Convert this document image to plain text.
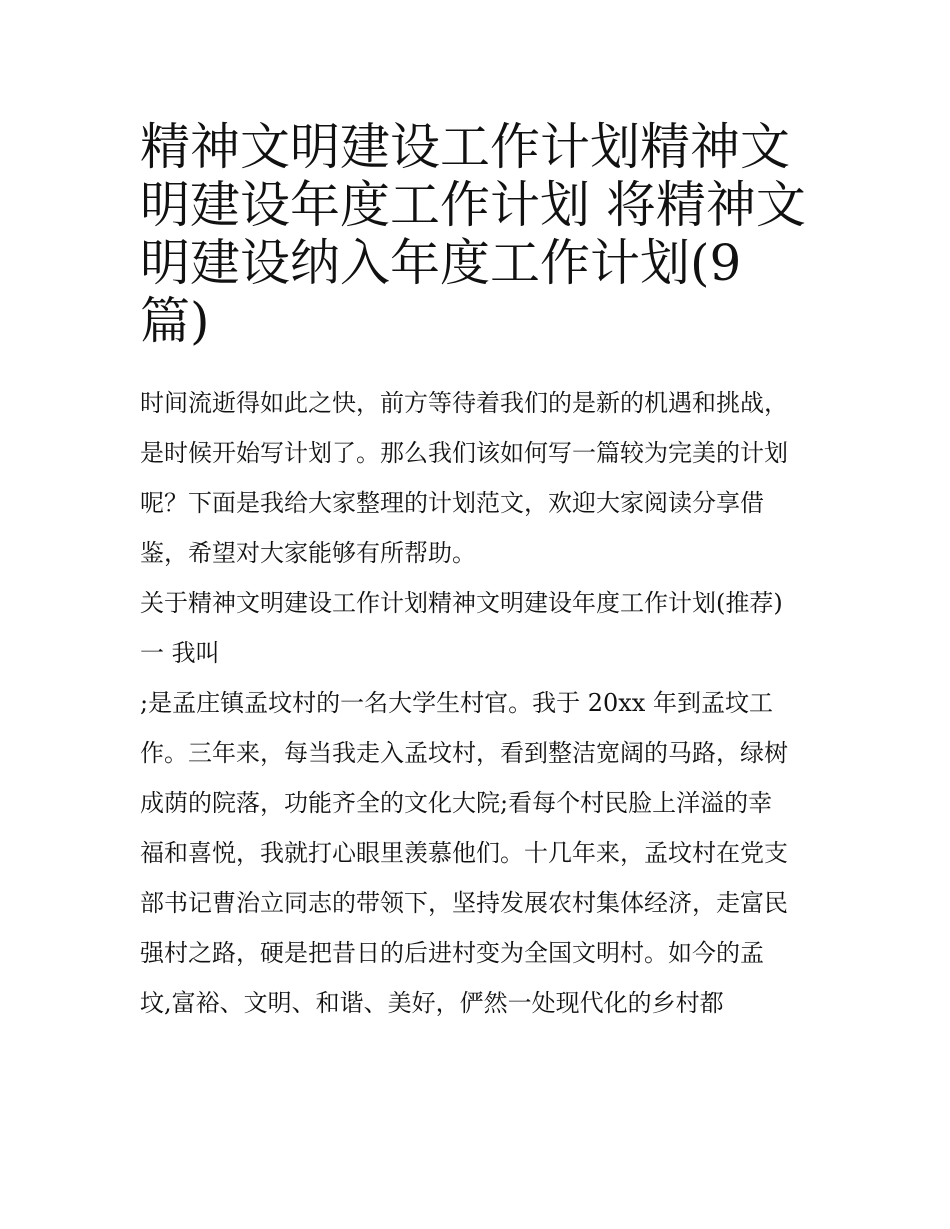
精神文明建设工作计划精神文
明建设年度工作计划 将精神文
明建设纳入年度工作计划(9
篇)
时间流逝得如此之快，前方等待着我们的是新的机遇和挑战，
是时候开始写计划了。那么我们该如何写一篇较为完美的计划
呢？下面是我给大家整理的计划范文，欢迎大家阅读分享借
鉴，希望对大家能够有所帮助。
关于精神文明建设工作计划精神文明建设年度工作计划(推荐)
一 我叫
;是孟庄镇孟坟村的一名大学生村官。我于 20xx 年到孟坟工
作。三年来，每当我走入孟坟村，看到整洁宽阔的马路，绿树
成荫的院落，功能齐全的文化大院;看每个村民脸上洋溢的幸
福和喜悦，我就打心眼里羡慕他们。十几年来，孟坟村在党支
部书记曹治立同志的带领下，坚持发展农村集体经济，走富民
强村之路，硬是把昔日的后进村变为全国文明村。如今的孟
坟,富裕、文明、和谐、美好，俨然一处现代化的乡村都
